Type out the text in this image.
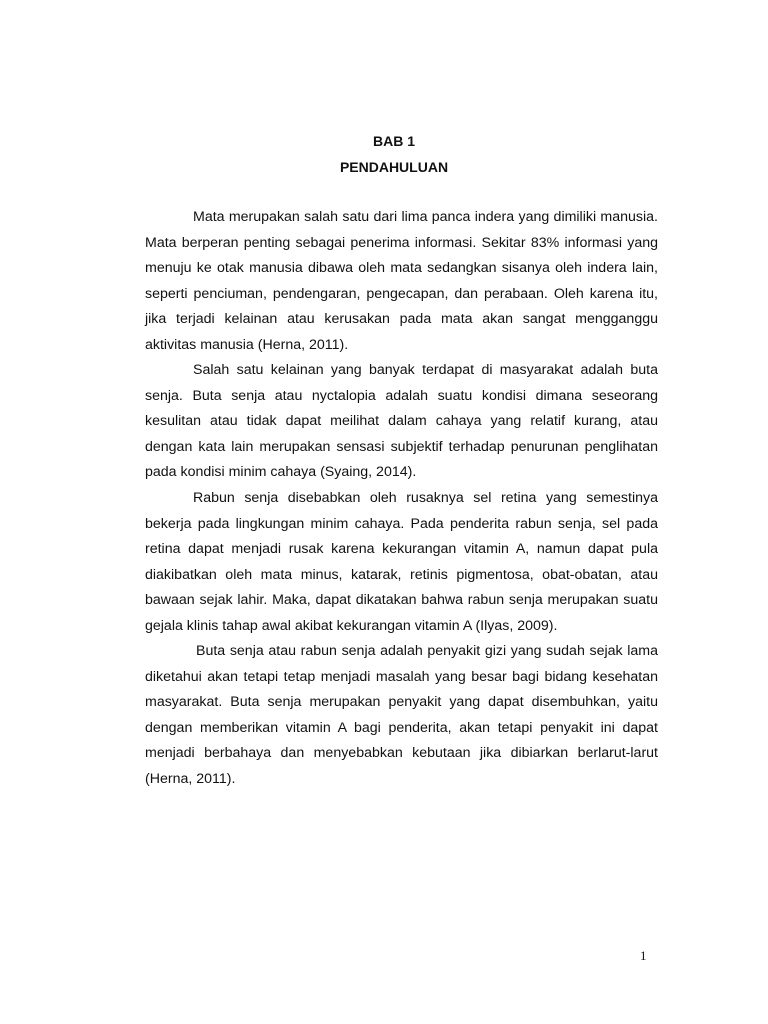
BAB 1
PENDAHULUAN

Mata merupakan salah satu dari lima panca indera yang dimiliki manusia. Mata berperan penting sebagai penerima informasi. Sekitar 83% informasi yang menuju ke otak manusia dibawa oleh mata sedangkan sisanya oleh indera lain, seperti penciuman, pendengaran, pengecapan, dan perabaan. Oleh karena itu, jika terjadi kelainan atau kerusakan pada mata akan sangat mengganggu aktivitas manusia (Herna, 2011).

Salah satu kelainan yang banyak terdapat di masyarakat adalah buta senja. Buta senja atau nyctalopia adalah suatu kondisi dimana seseorang kesulitan atau tidak dapat meilihat dalam cahaya yang relatif kurang, atau dengan kata lain merupakan sensasi subjektif terhadap penurunan penglihatan pada kondisi minim cahaya (Syaing, 2014).

Rabun senja disebabkan oleh rusaknya sel retina yang semestinya bekerja pada lingkungan minim cahaya. Pada penderita rabun senja, sel pada retina dapat menjadi rusak karena kekurangan vitamin A, namun dapat pula diakibatkan oleh mata minus, katarak, retinis pigmentosa, obat-obatan, atau bawaan sejak lahir. Maka, dapat dikatakan bahwa rabun senja merupakan suatu gejala klinis tahap awal akibat kekurangan vitamin A (Ilyas, 2009).

Buta senja atau rabun senja adalah penyakit gizi yang sudah sejak lama diketahui akan tetapi tetap menjadi masalah yang besar bagi bidang kesehatan masyarakat. Buta senja merupakan penyakit yang dapat disembuhkan, yaitu dengan memberikan vitamin A bagi penderita, akan tetapi penyakit ini dapat menjadi berbahaya dan menyebabkan kebutaan jika dibiarkan berlarut-larut (Herna, 2011).

1
